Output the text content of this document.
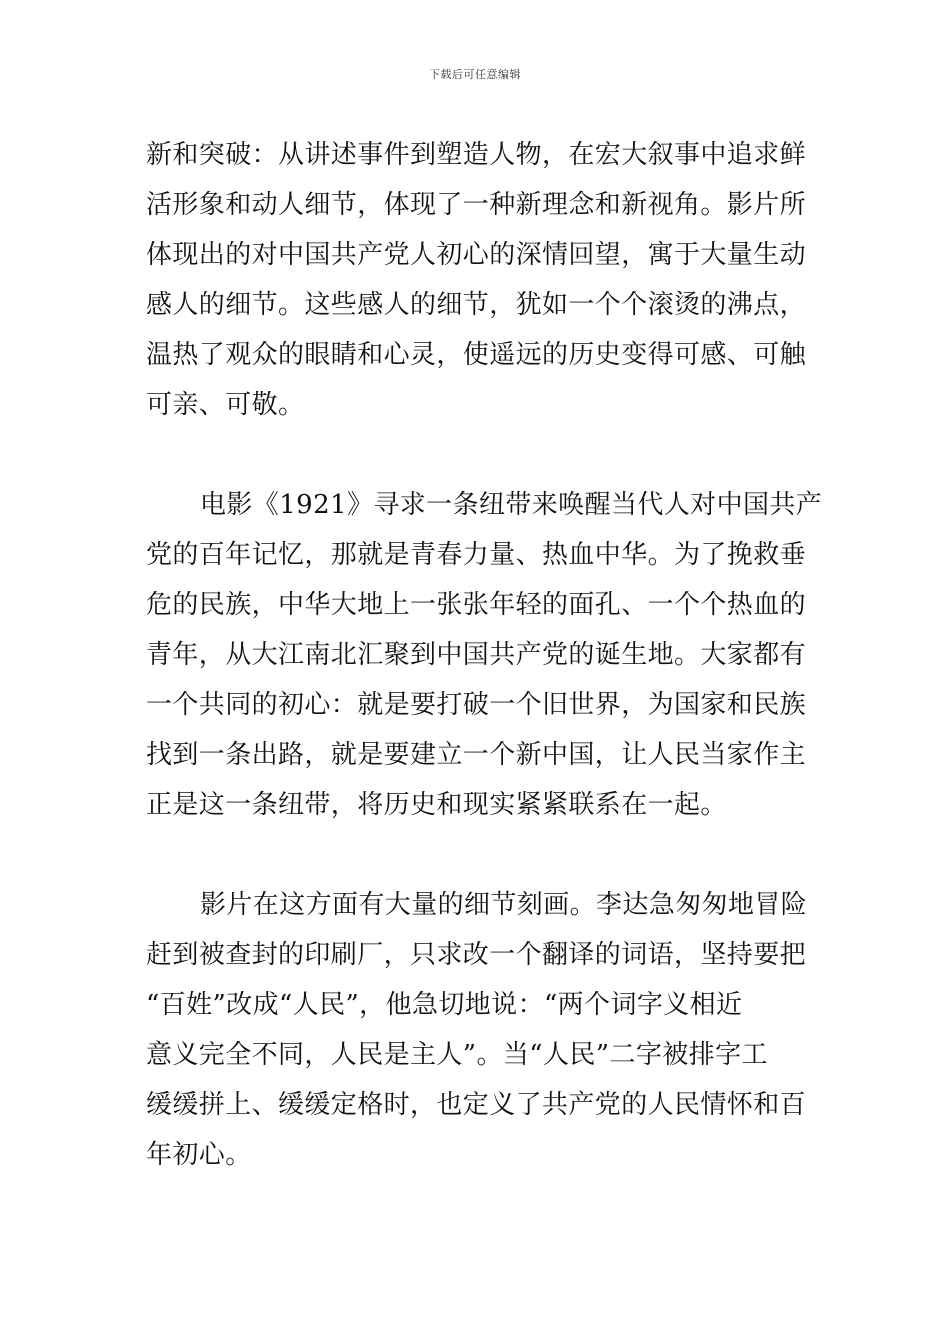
下载后可任意编辑
新和突破：从讲述事件到塑造人物，在宏大叙事中追求鲜
活形象和动人细节，体现了一种新理念和新视角。影片所
体现出的对中国共产党人初心的深情回望，寓于大量生动
感人的细节。这些感人的细节，犹如一个个滚烫的沸点，
温热了观众的眼睛和心灵，使遥远的历史变得可感、可触
可亲、可敬。
电影《1921》寻求一条纽带来唤醒当代人对中国共产
党的百年记忆，那就是青春力量、热血中华。为了挽救垂
危的民族，中华大地上一张张年轻的面孔、一个个热血的
青年，从大江南北汇聚到中国共产党的诞生地。大家都有
一个共同的初心：就是要打破一个旧世界，为国家和民族
找到一条出路，就是要建立一个新中国，让人民当家作主
正是这一条纽带，将历史和现实紧紧联系在一起。
影片在这方面有大量的细节刻画。李达急匆匆地冒险
赶到被查封的印刷厂，只求改一个翻译的词语，坚持要把
“百姓”改成“人民”，他急切地说：“两个词字义相近
意义完全不同，人民是主人”。当“人民”二字被排字工
缓缓拼上、缓缓定格时，也定义了共产党的人民情怀和百
年初心。
